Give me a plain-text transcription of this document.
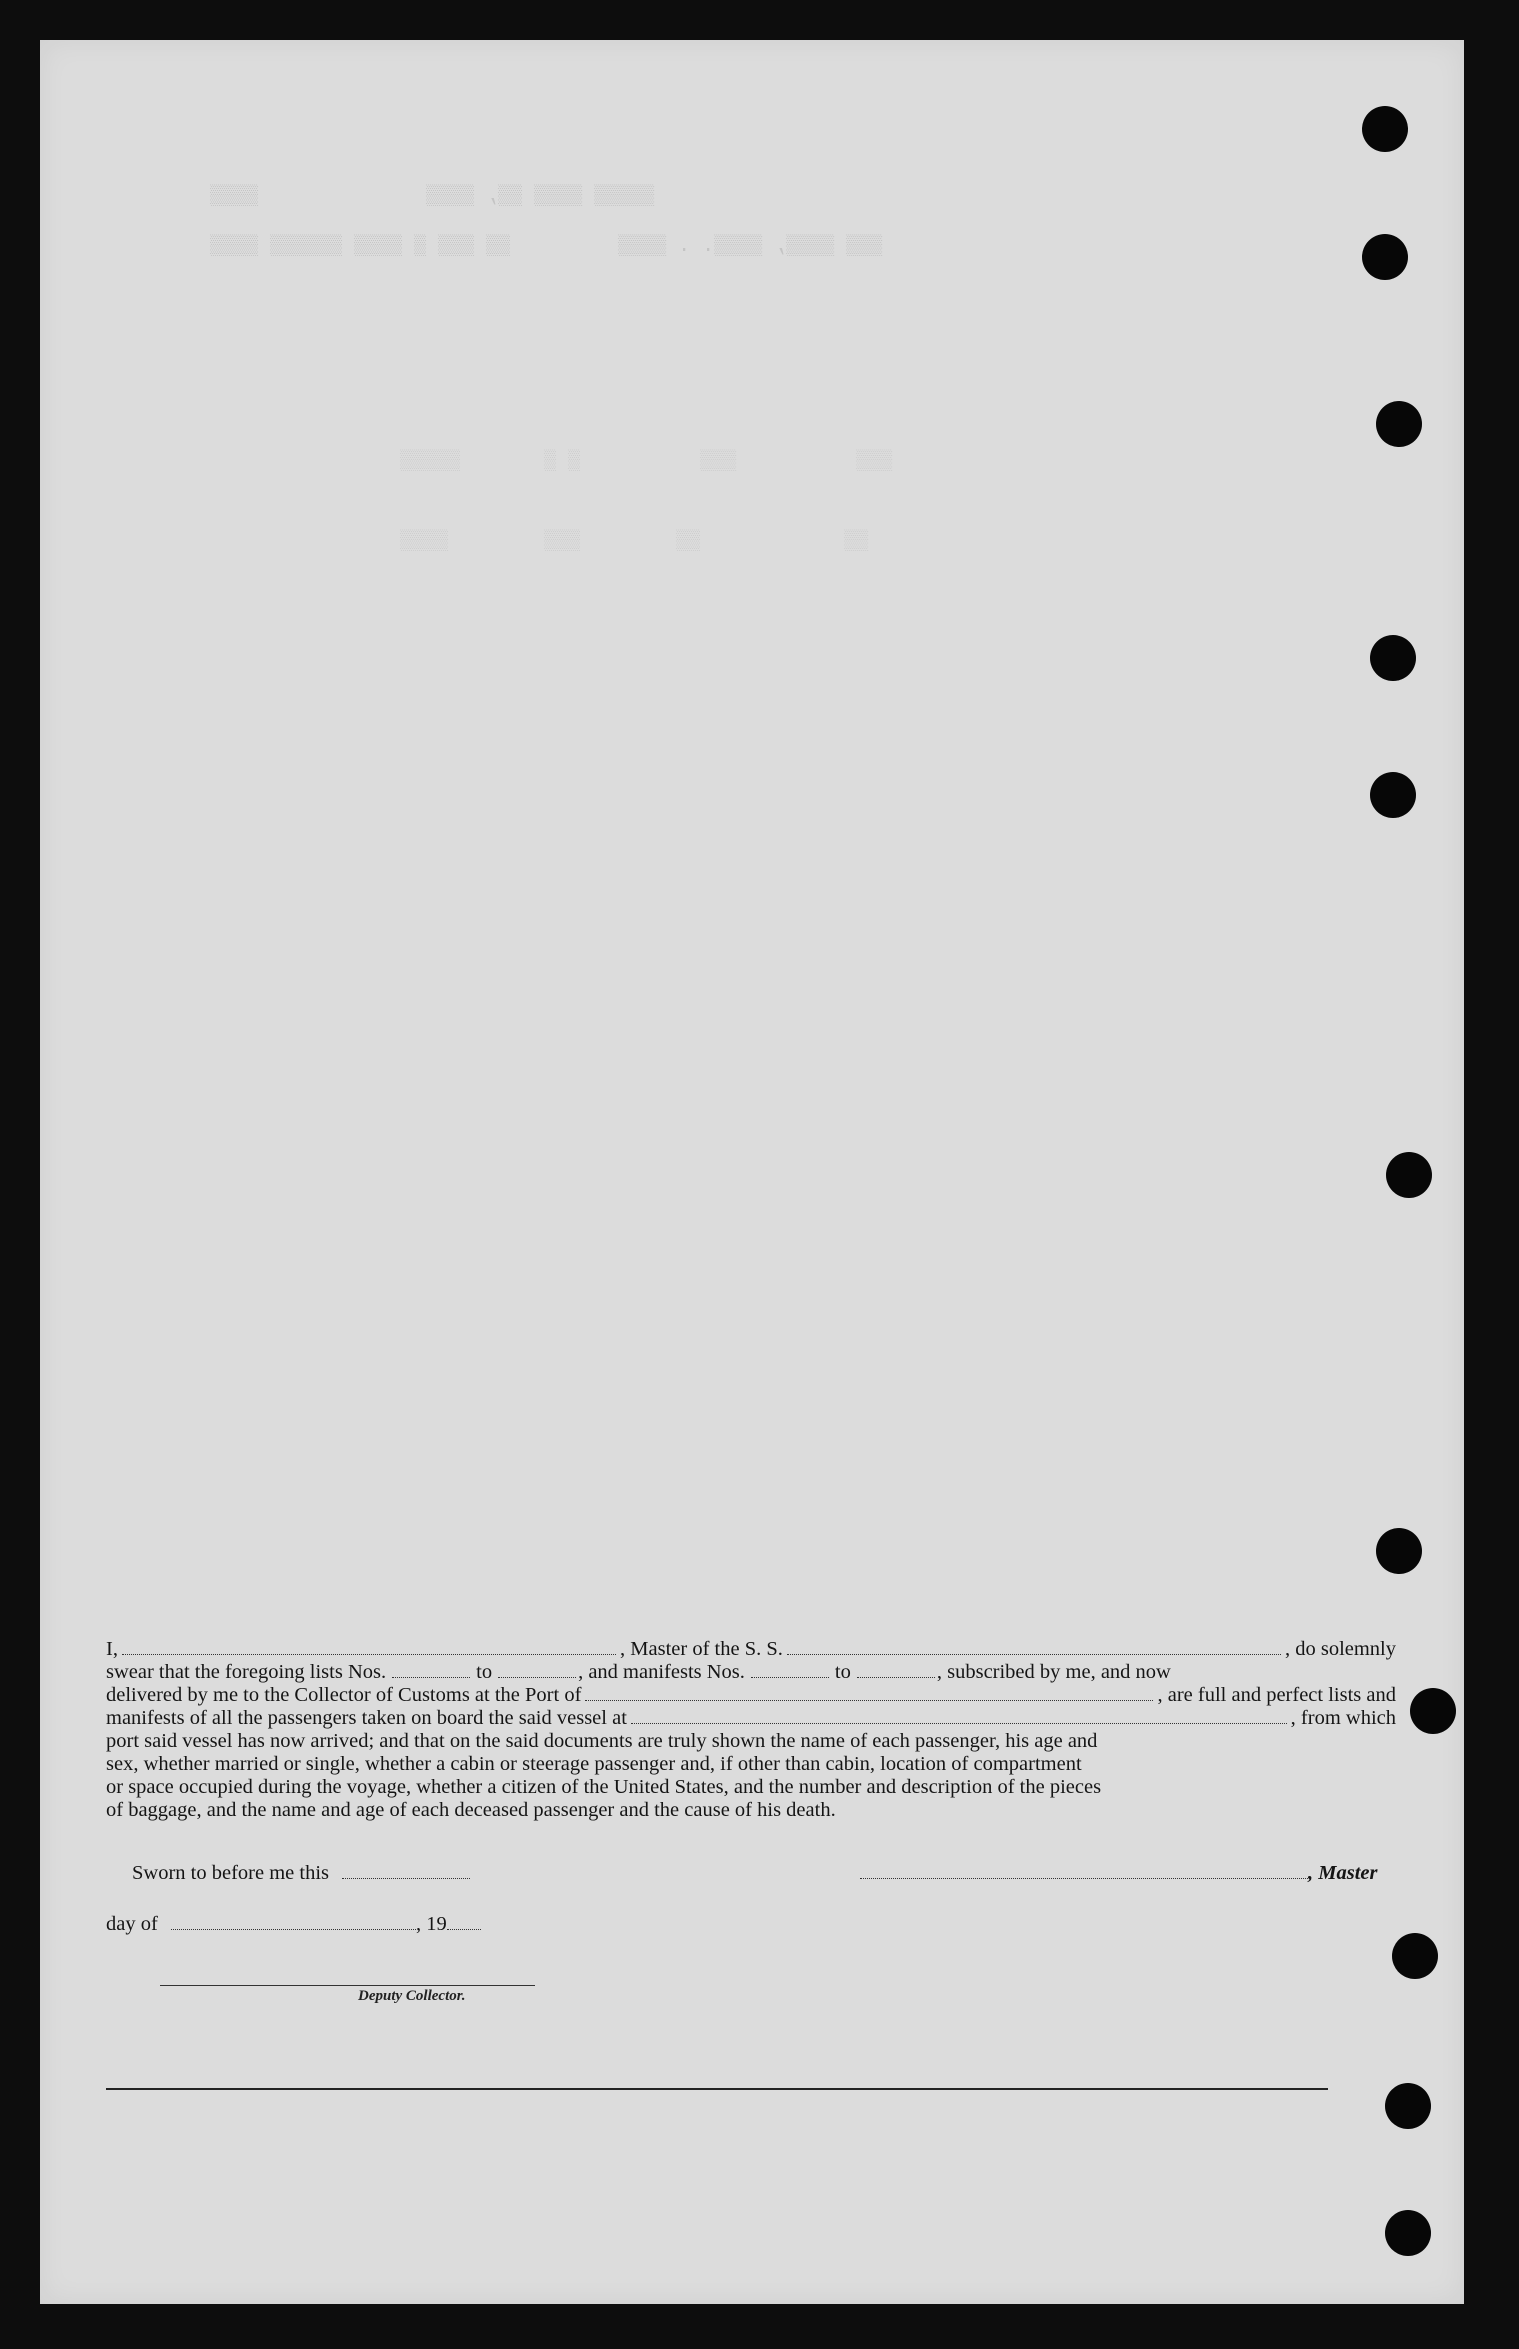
▒▒▒▒▒ ▒▒▒▒ ▒▒, ▒▒▒▒              ▒▒▒▒
▒▒▒ ▒▒▒▒, ▒▒▒▒. . ▒▒▒▒         ▒▒ ▒▒▒ ▒ ▒▒▒▒ ▒▒▒▒▒▒ ▒▒▒▒
▒▒▒          ▒▒▒          ▒ ▒       ▒▒▒▒▒
▒▒            ▒▒        ▒▒▒        ▒▒▒▒
I,	, Master of the S. S.	, do solemnly
swear that the foregoing lists Nos.	to	, and manifests Nos.	to	, subscribed by me, and now
delivered by me to the Collector of Customs at the Port of	, are full and perfect lists and
manifests of all the passengers taken on board the said vessel at	, from which
port said vessel has now arrived; and that on the said documents are truly shown the name of each passenger, his age and
sex, whether married or single, whether a cabin or steerage passenger and, if other than cabin, location of compartment
or space occupied during the voyage, whether a citizen of the United States, and the number and description of the pieces
of baggage, and the name and age of each deceased passenger and the cause of his death.
Sworn to before me this	, Master
day of	, 19
Deputy Collector.
